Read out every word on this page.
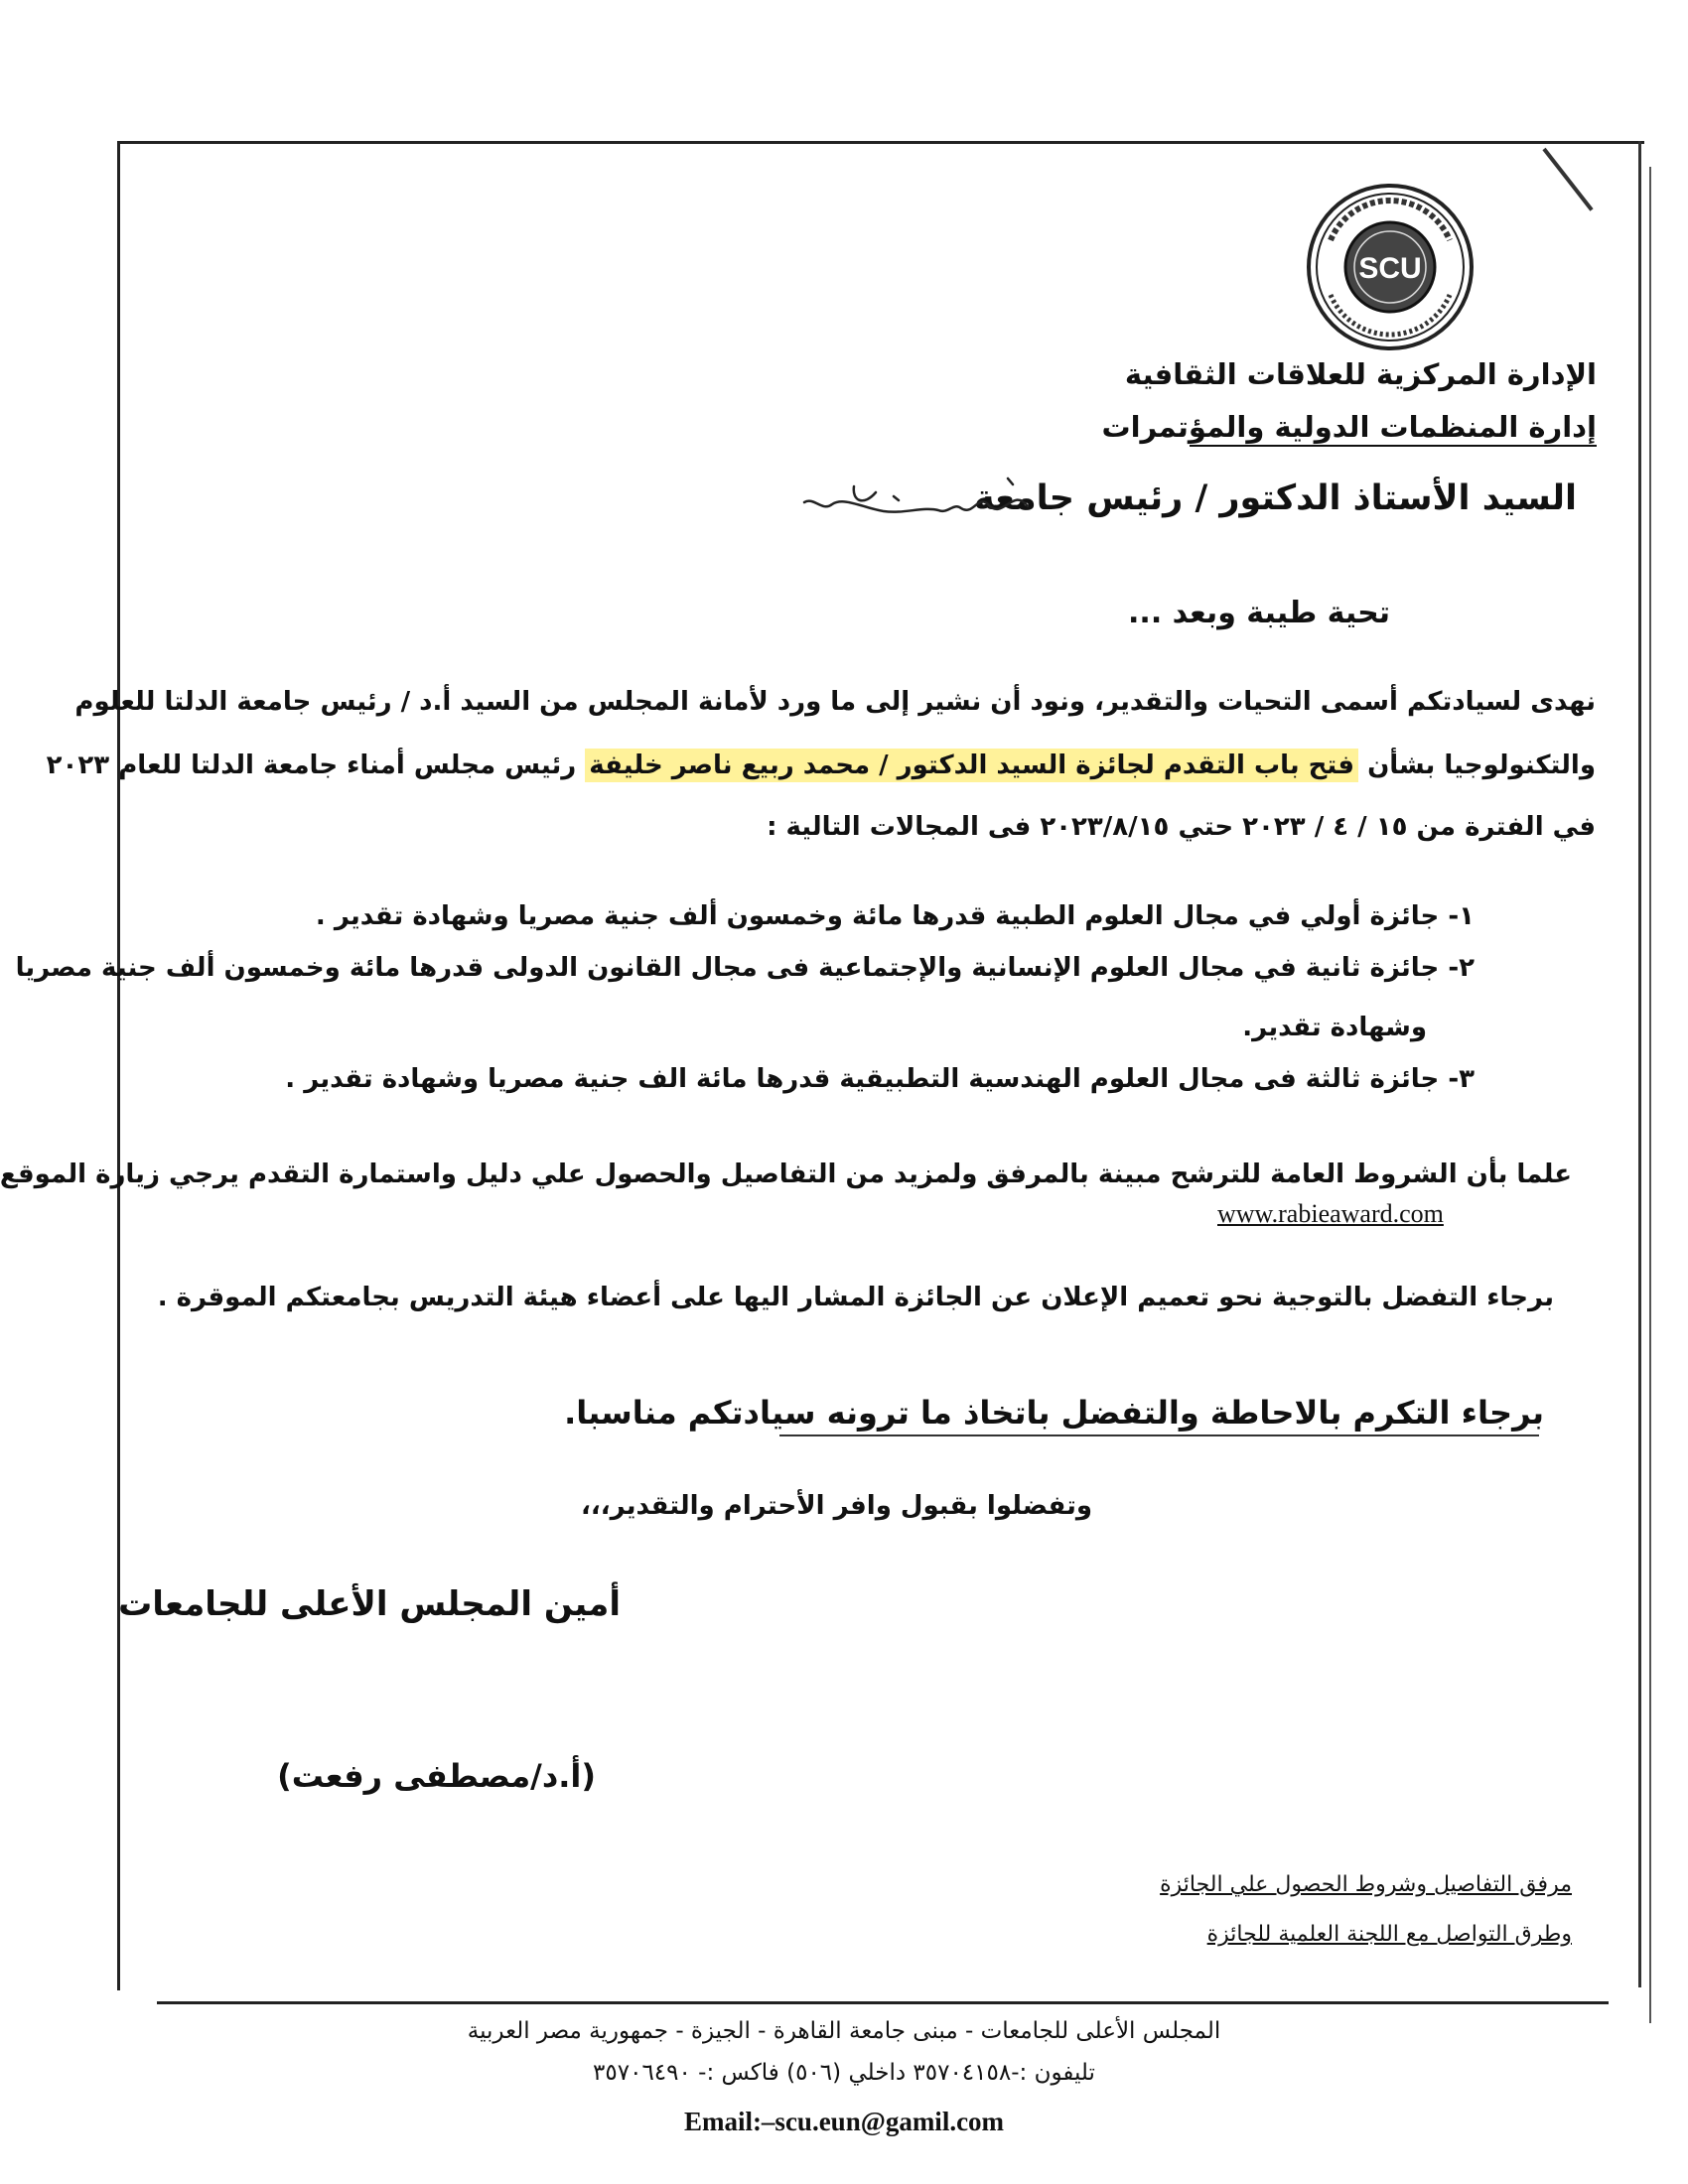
SCU
الإدارة المركزية للعلاقات الثقافية
إدارة المنظمات الدولية والمؤتمرات
السيد الأستاذ الدكتور / رئيس جامعة
تحية طيبة وبعد ...
نهدى لسيادتكم أسمى التحيات والتقدير، ونود أن نشير إلى ما ورد لأمانة المجلس من السيد أ.د / رئيس جامعة الدلتا للعلوم
والتكنولوجيا بشأن فتح باب التقدم لجائزة السيد الدكتور / محمد ربيع ناصر خليفة رئيس مجلس أمناء جامعة الدلتا للعام ٢٠٢٣
في الفترة من ١٥ / ٤ / ٢٠٢٣ حتي ٢٠٢٣/٨/١٥ فى المجالات التالية :
١- جائزة أولي في مجال العلوم الطبية قدرها مائة وخمسون ألف جنية مصريا وشهادة تقدير .
٢- جائزة ثانية في مجال العلوم الإنسانية والإجتماعية فى مجال القانون الدولى قدرها مائة وخمسون ألف جنية مصريا
وشهادة تقدير.
٣- جائزة ثالثة فى مجال العلوم الهندسية التطبيقية قدرها مائة الف جنية مصريا وشهادة تقدير .
علما بأن الشروط العامة للترشح مبينة بالمرفق ولمزيد من التفاصيل والحصول علي دليل واستمارة التقدم يرجي زيارة الموقع
www.rabieaward.com
برجاء التفضل بالتوجية نحو تعميم الإعلان عن الجائزة المشار اليها على أعضاء هيئة التدريس بجامعتكم الموقرة .
برجاء التكرم بالاحاطة والتفضل باتخاذ ما ترونه سيادتكم مناسبا.
وتفضلوا بقبول وافر الأحترام والتقدير،،،
أمين المجلس الأعلى للجامعات
(أ.د/مصطفى رفعت)
مرفق التفاصيل وشروط الحصول علي الجائزة
وطرق التواصل مع اللجنة العلمية للجائزة
المجلس الأعلى للجامعات - مبنى جامعة القاهرة - الجيزة - جمهورية مصر العربية
تليفون :-٣٥٧٠٤١٥٨ داخلي (٥٠٦) فاكس :- ٣٥٧٠٦٤٩٠
Email:–scu.eun@gamil.com
